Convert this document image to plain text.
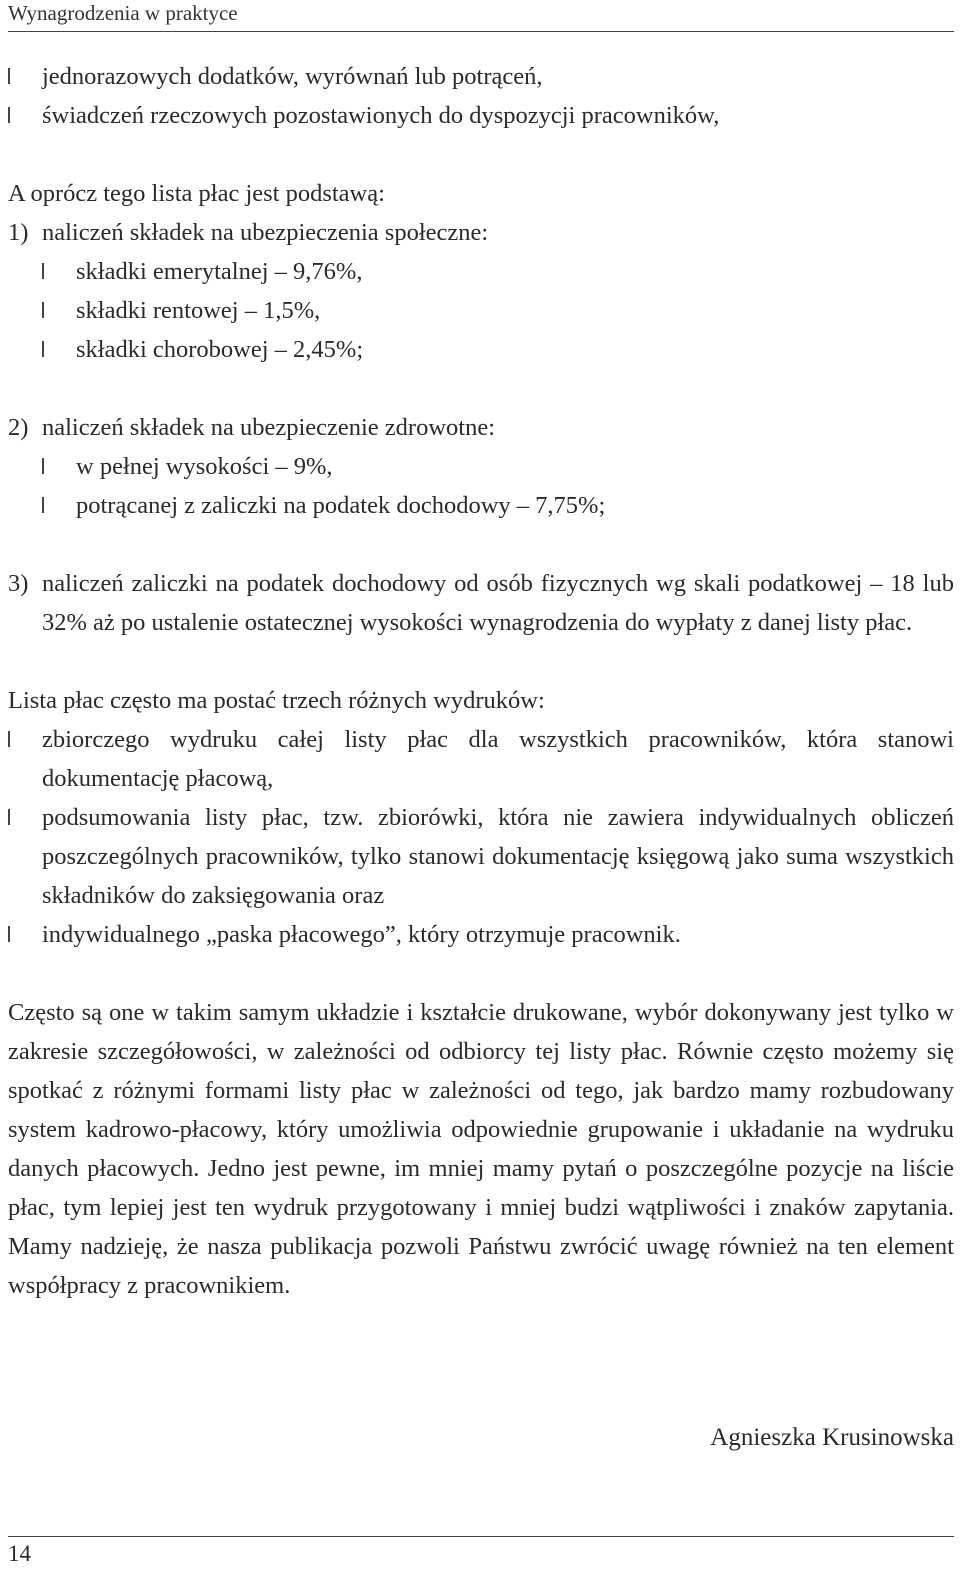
Wynagrodzenia w praktyce
jednorazowych dodatków, wyrównań lub potrąceń,
świadczeń rzeczowych pozostawionych do dyspozycji pracowników,

A oprócz tego lista płac jest podstawą:

1) naliczeń składek na ubezpieczenia społeczne:
składki emerytalnej – 9,76%,
składki rentowej – 1,5%,
składki chorobowej – 2,45%;
2) naliczeń składek na ubezpieczenie zdrowotne:
w pełnej wysokości – 9%,
potrącanej z zaliczki na podatek dochodowy – 7,75%;
3) naliczeń zaliczki na podatek dochodowy od osób fizycznych wg skali podatkowej – 18 lub 32% aż po ustalenie ostatecznej wysokości wynagrodzenia do wypłaty z danej listy płac.

Lista płac często ma postać trzech różnych wydruków:

zbiorczego wydruku całej listy płac dla wszystkich pracowników, która stanowi dokumentację płacową,
podsumowania listy płac, tzw. zbiorówki, która nie zawiera indywidualnych obliczeń poszczególnych pracowników, tylko stanowi dokumentację księgową jako suma wszystkich składników do zaksięgowania oraz
indywidualnego „paska płacowego”, który otrzymuje pracownik.

Często są one w takim samym układzie i kształcie drukowane, wybór dokonywany jest tylko w zakresie szczegółowości, w zależności od odbiorcy tej listy płac. Równie często możemy się spotkać z różnymi formami listy płac w zależności od tego, jak bardzo mamy rozbudowany system kadrowo-płacowy, który umożliwia odpowiednie grupowanie i układanie na wydruku danych płacowych. Jedno jest pewne, im mniej mamy pytań o poszczególne pozycje na liście płac, tym lepiej jest ten wydruk przygotowany i mniej budzi wątpliwości i znaków zapytania. Mamy nadzieję, że nasza publikacja pozwoli Państwu zwrócić uwagę również na ten element współpracy z pracownikiem.

Agnieszka Krusinowska
14
